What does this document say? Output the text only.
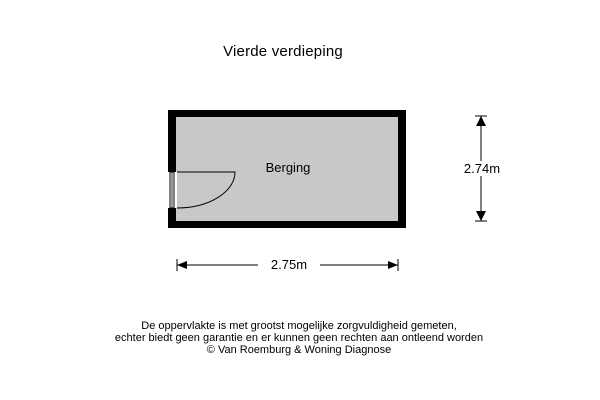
Vierde verdieping
Berging	2.74m
2.75m
De oppervlakte is met grootst mogelijke zorgvuldigheid gemeten,
echter biedt geen garantie en er kunnen geen rechten aan ontleend worden
© Van Roemburg & Woning Diagnose
